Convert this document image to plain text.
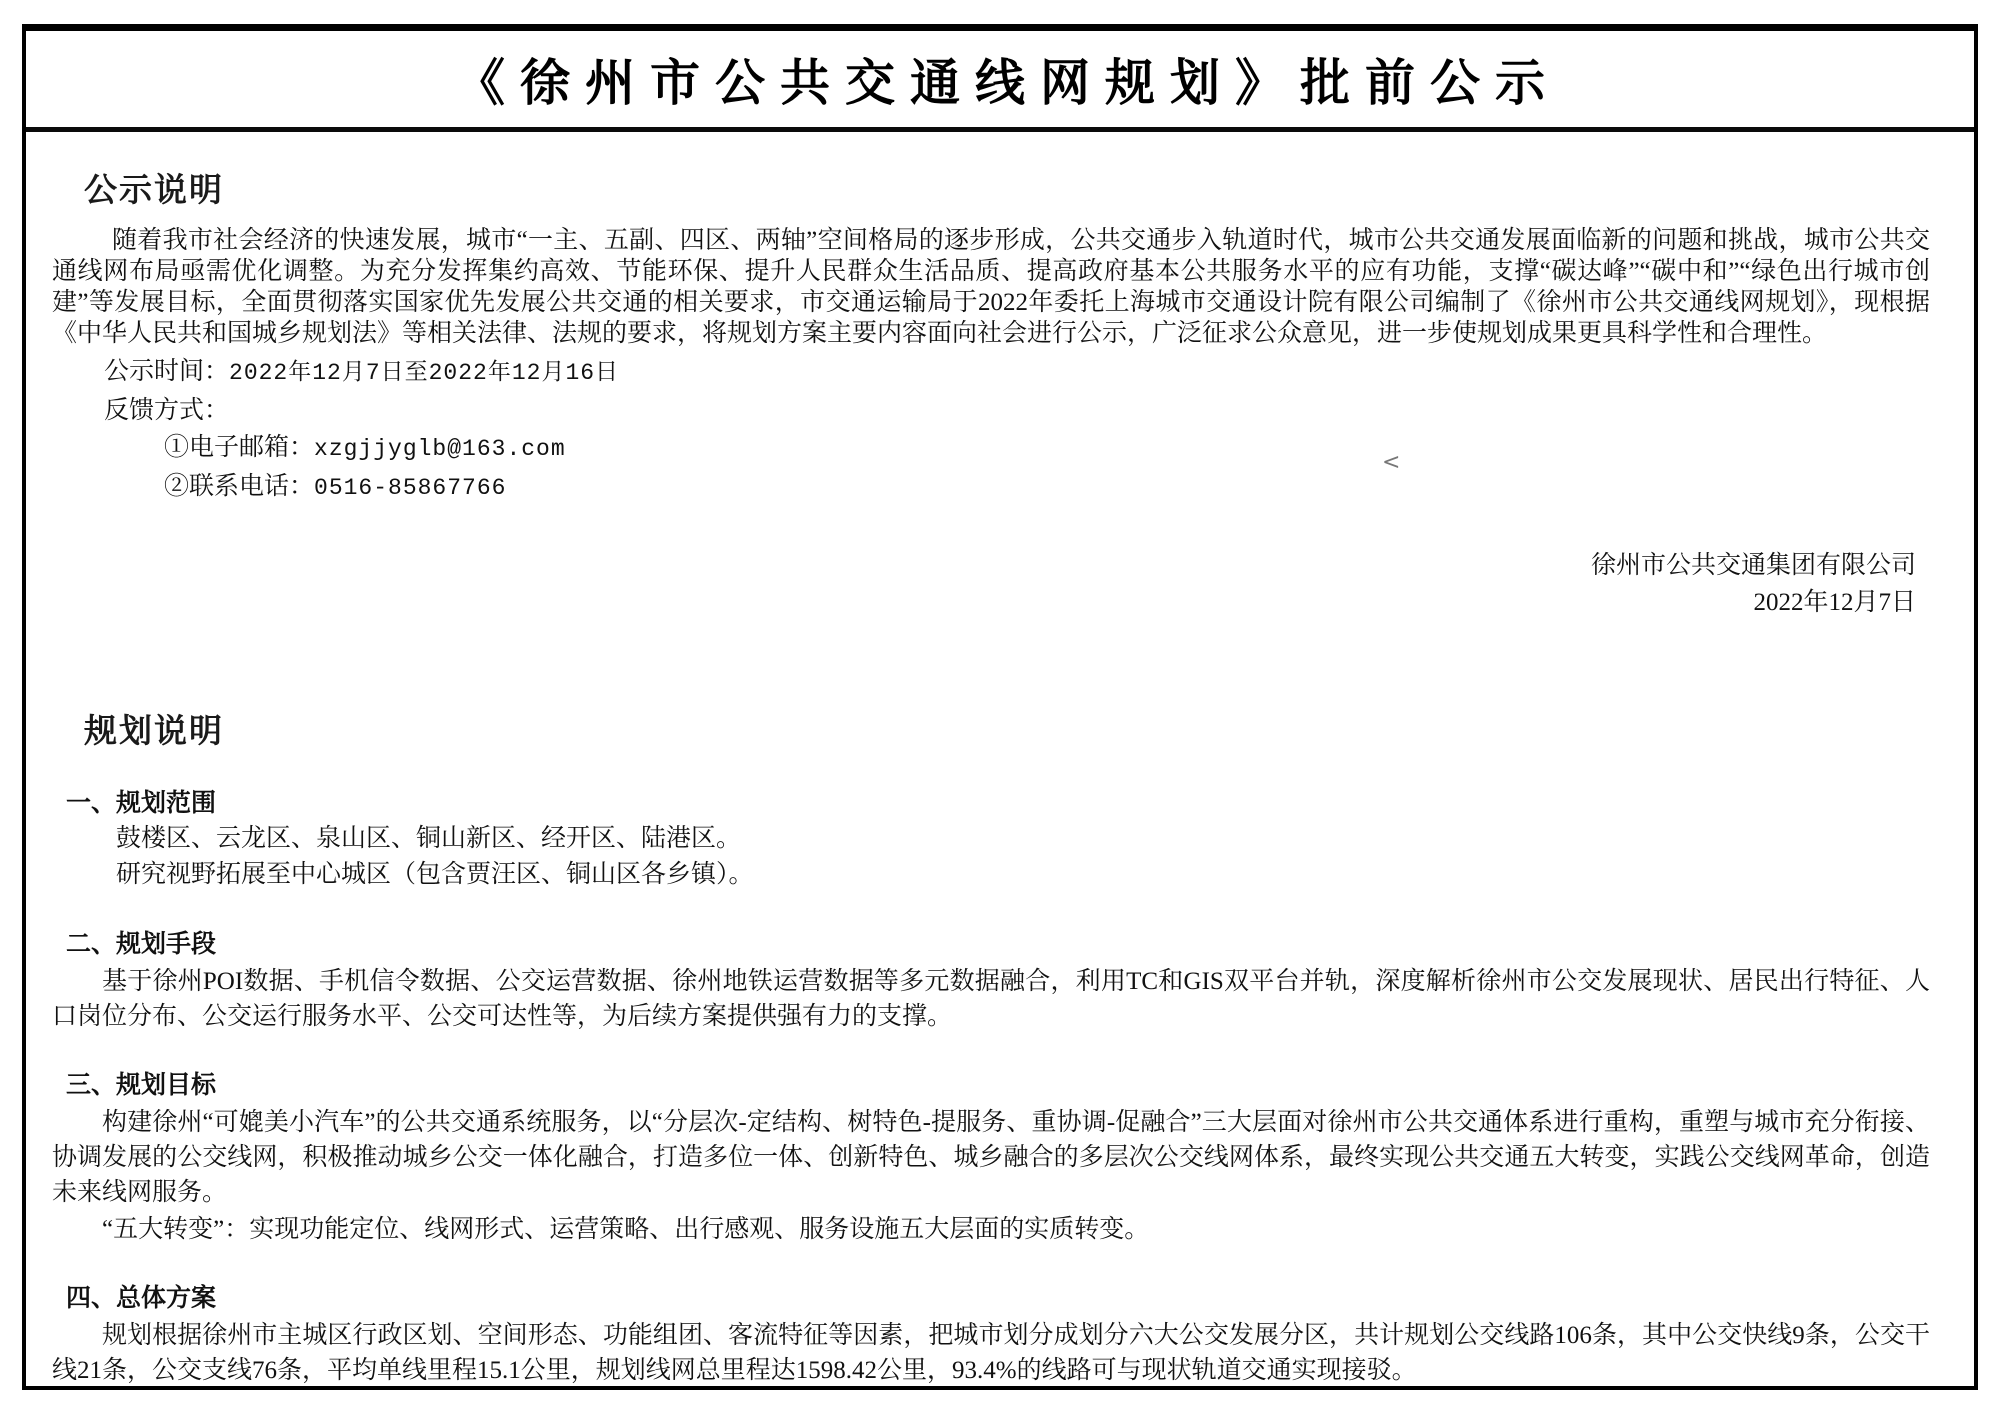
《徐州市公共交通线网规划》批前公示
公示说明

随着我市社会经济的快速发展，城市“一主、五副、四区、两轴”空间格局的逐步形成，公共交通步入轨道时代，城市公共交通发展面临新的问题和挑战，城市公共交通线网布局亟需优化调整。为充分发挥集约高效、节能环保、提升人民群众生活品质、提高政府基本公共服务水平的应有功能，支撑“碳达峰”“碳中和”“绿色出行城市创建”等发展目标，全面贯彻落实国家优先发展公共交通的相关要求，市交通运输局于2022年委托上海城市交通设计院有限公司编制了《徐州市公共交通线网规划》，现根据《中华人民共和国城乡规划法》等相关法律、法规的要求，将规划方案主要内容面向社会进行公示，广泛征求公众意见，进一步使规划成果更具科学性和合理性。

公示时间：2022年12月7日至2022年12月16日
反馈方式：
①电子邮箱：xzgjjyglb@163.com
②联系电话：0516-85867766
徐州市公共交通集团有限公司
2022年12月7日
规划说明
一、规划范围
鼓楼区、云龙区、泉山区、铜山新区、经开区、陆港区。
研究视野拓展至中心城区（包含贾汪区、铜山区各乡镇）。
二、规划手段

基于徐州POI数据、手机信令数据、公交运营数据、徐州地铁运营数据等多元数据融合，利用TC和GIS双平台并轨，深度解析徐州市公交发展现状、居民出行特征、人口岗位分布、公交运行服务水平、公交可达性等，为后续方案提供强有力的支撑。

三、规划目标

构建徐州“可媲美小汽车”的公共交通系统服务，以“分层次-定结构、树特色-提服务、重协调-促融合”三大层面对徐州市公共交通体系进行重构，重塑与城市充分衔接、协调发展的公交线网，积极推动城乡公交一体化融合，打造多位一体、创新特色、城乡融合的多层次公交线网体系，最终实现公共交通五大转变，实践公交线网革命，创造未来线网服务。

“五大转变”：实现功能定位、线网形式、运营策略、出行感观、服务设施五大层面的实质转变。

四、总体方案

规划根据徐州市主城区行政区划、空间形态、功能组团、客流特征等因素，把城市划分成划分六大公交发展分区，共计规划公交线路106条，其中公交快线9条，公交干线21条，公交支线76条，平均单线里程15.1公里，规划线网总里程达1598.42公里，93.4%的线路可与现状轨道交通实现接驳。

<
